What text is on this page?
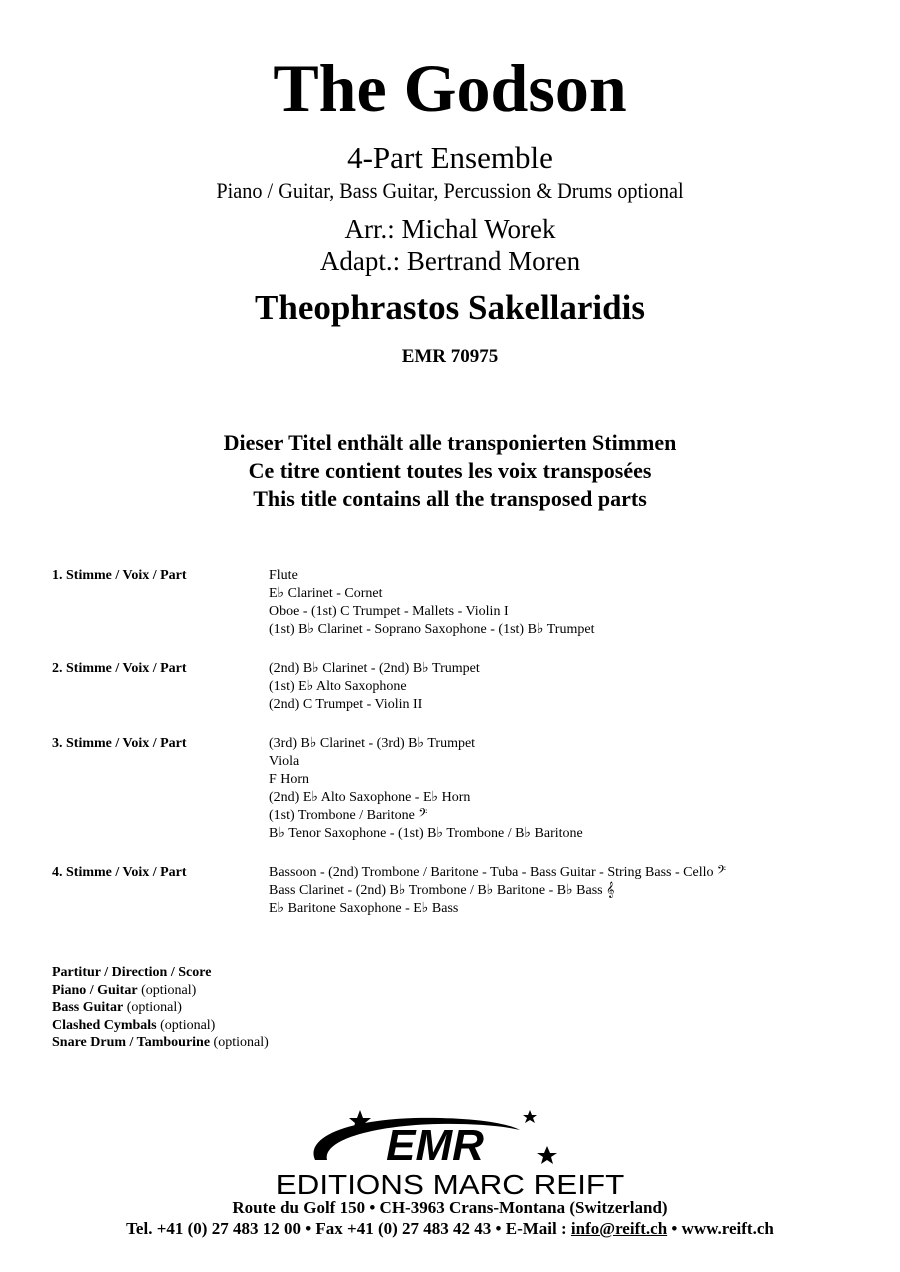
The Godson
4-Part Ensemble
Piano / Guitar, Bass Guitar, Percussion & Drums optional
Arr.: Michal Worek
Adapt.: Bertrand Moren
Theophrastos Sakellaridis
EMR 70975
Dieser Titel enthält alle transponierten Stimmen
Ce titre contient toutes les voix transposées
This title contains all the transposed parts
1. Stimme / Voix / Part	Flute
E♭ Clarinet - Cornet
Oboe - (1st) C Trumpet - Mallets - Violin I
(1st) B♭ Clarinet - Soprano Saxophone - (1st) B♭ Trumpet
2. Stimme / Voix / Part	(2nd) B♭ Clarinet - (2nd) B♭ Trumpet
(1st) E♭ Alto Saxophone
(2nd) C Trumpet - Violin II
3. Stimme / Voix / Part	(3rd) B♭ Clarinet - (3rd) B♭ Trumpet
Viola
F Horn
(2nd) E♭ Alto Saxophone - E♭ Horn
(1st) Trombone / Baritone 𝄢
B♭ Tenor Saxophone - (1st) B♭ Trombone / B♭ Baritone
4. Stimme / Voix / Part	Bassoon - (2nd) Trombone / Baritone - Tuba - Bass Guitar - String Bass - Cello 𝄢
Bass Clarinet - (2nd) B♭ Trombone / B♭ Baritone - B♭ Bass 𝄞
E♭ Baritone Saxophone - E♭ Bass
Partitur / Direction / Score
Piano / Guitar (optional)
Bass Guitar (optional)
Clashed Cymbals (optional)
Snare Drum / Tambourine (optional)
EMR
EDITIONS MARC REIFT
Route du Golf 150 • CH-3963 Crans-Montana (Switzerland)
Tel. +41 (0) 27 483 12 00 • Fax +41 (0) 27 483 42 43 • E-Mail : info@reift.ch • www.reift.ch
